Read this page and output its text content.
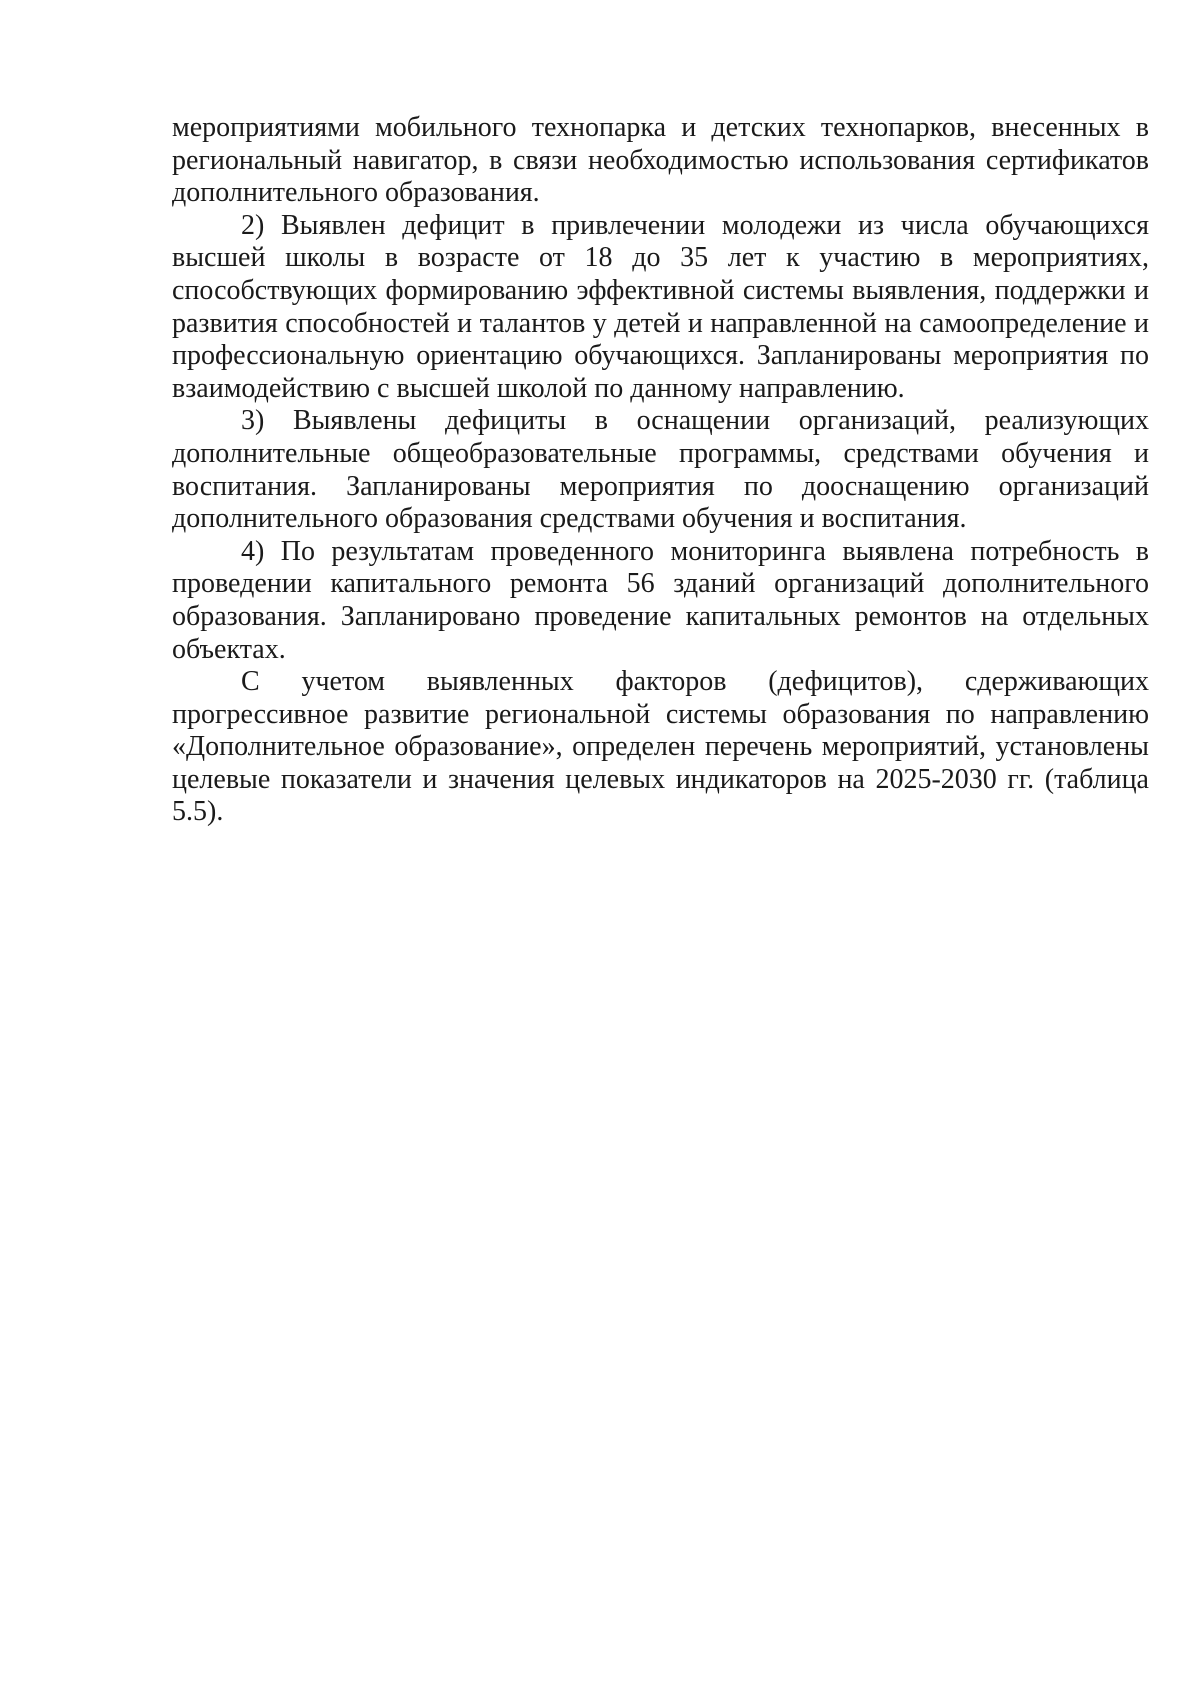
мероприятиями мобильного технопарка и детских технопарков, внесенных в региональный навигатор, в связи необходимостью использования сертификатов дополнительного образования.

2) Выявлен дефицит в привлечении молодежи из числа обучающихся высшей школы в возрасте от 18 до 35 лет к участию в мероприятиях, способствующих формированию эффективной системы выявления, поддержки и развития способностей и талантов у детей и направленной на самоопределение и профессиональную ориентацию обучающихся. Запланированы мероприятия по взаимодействию с высшей школой по данному направлению.

3) Выявлены дефициты в оснащении организаций, реализующих дополнительные общеобразовательные программы, средствами обучения и воспитания. Запланированы мероприятия по дооснащению организаций дополнительного образования средствами обучения и воспитания.

4) По результатам проведенного мониторинга выявлена потребность в проведении капитального ремонта 56 зданий организаций дополнительного образования. Запланировано проведение капитальных ремонтов на отдельных объектах.

С учетом выявленных факторов (дефицитов), сдерживающих прогрессивное развитие региональной системы образования по направлению «Дополнительное образование», определен перечень мероприятий, установлены целевые показатели и значения целевых индикаторов на 2025-2030 гг. (таблица 5.5).
